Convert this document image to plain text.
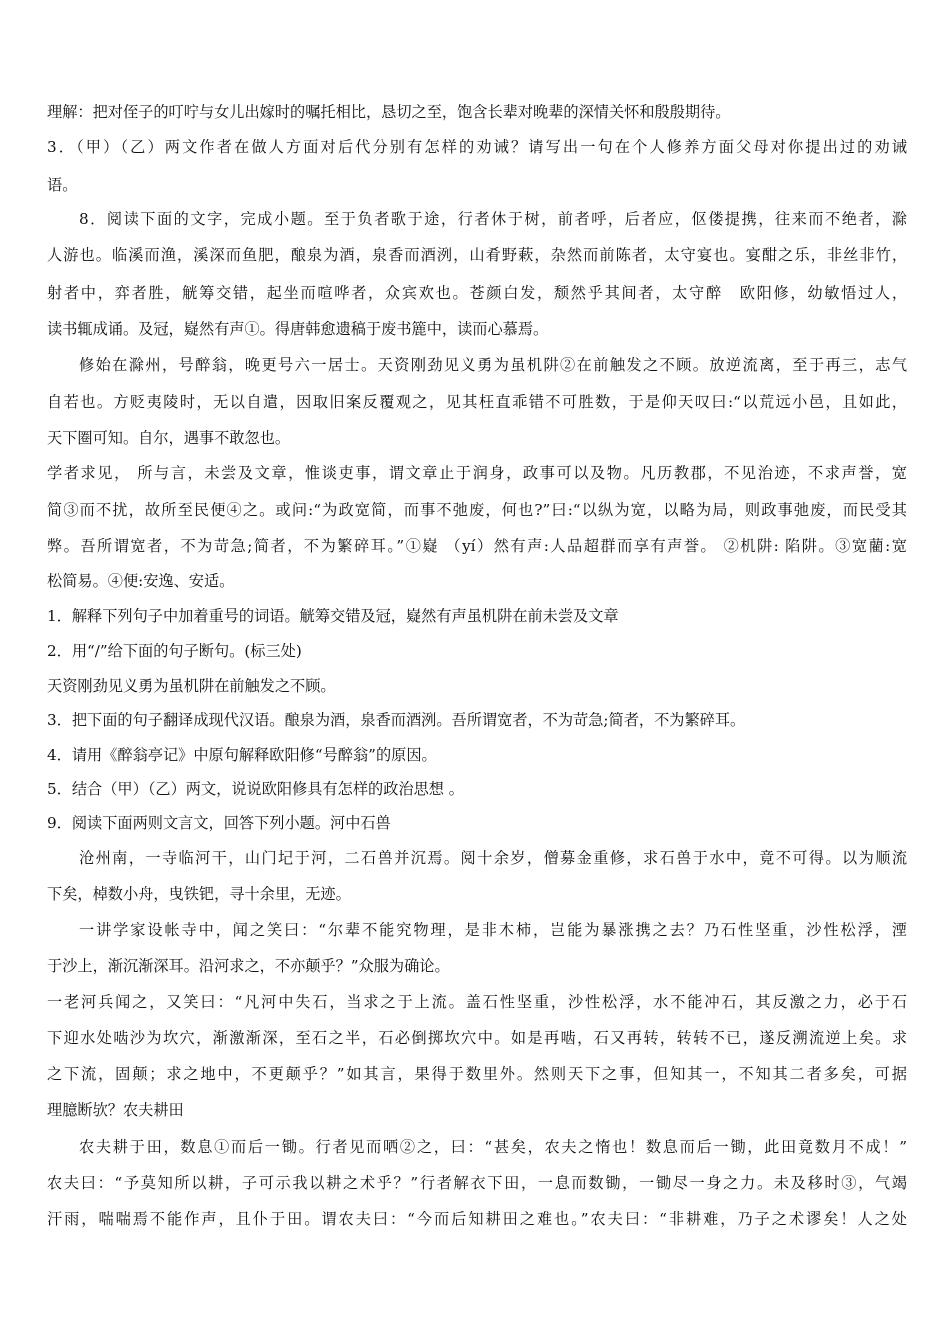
理解：把对侄子的叮咛与女儿出嫁时的嘱托相比，恳切之至，饱含长辈对晚辈的深情关怀和殷殷期待。
3．（甲）（乙）两文作者在做人方面对后代分别有怎样的劝诫？请写出一句在个人修养方面父母对你提出过的劝诫
语。
8．阅读下面的文字，完成小题。至于负者歌于途，行者休于树，前者呼，后者应，伛偻提携，往来而不绝者，滁
人游也。临溪而渔，溪深而鱼肥，酿泉为酒，泉香而酒洌，山肴野蔌，杂然而前陈者，太守宴也。宴酣之乐，非丝非竹，
射者中，弈者胜，觥筹交错，起坐而喧哗者，众宾欢也。苍颜白发，颓然乎其间者，太守醉　欧阳修，幼敏悟过人，
读书辄成诵。及冠，嶷然有声①。得唐韩愈遗稿于废书簏中，读而心慕焉。
修始在滁州，号醉翁，晚更号六一居士。天资刚劲见义勇为虽机阱②在前触发之不顾。放逆流离，至于再三，志气
自若也。方贬夷陵时，无以自遣，因取旧案反覆观之，见其枉直乖错不可胜数，于是仰天叹曰:“以荒远小邑，且如此，
天下圈可知。自尔，遇事不敢忽也。
学者求见， 所与言，未尝及文章，惟谈吏事，谓文章止于润身，政事可以及物。凡历教郡，不见治迹，不求声誉，宽
简③而不扰，故所至民便④之。或问:“为政宽简，而事不弛废，何也?”曰:“以纵为宽，以略为局，则政事弛废，而民受其
弊。吾所谓宽者，不为苛急;简者，不为繁碎耳。”①嶷 （yí）然有声:人品超群而享有声誉。 ②机阱: 陷阱。③宽藺:宽
松简易。④便:安逸、安适。
1．解释下列句子中加着重号的词语。觥筹交错及冠，嶷然有声虽机阱在前未尝及文章
2．用“/”给下面的句子断句。(标三处)
天资刚劲见义勇为虽机阱在前触发之不顾。
3．把下面的句子翻译成现代汉语。酿泉为酒，泉香而酒洌。吾所谓宽者，不为苛急;简者，不为繁碎耳。
4．请用《醉翁亭记》中原句解释欧阳修“号醉翁”的原因。
5．结合（甲）（乙）两文，说说欧阳修具有怎样的政治思想 。
9．阅读下面两则文言文，回答下列小题。河中石兽
沧州南，一寺临河干，山门圮于河，二石兽并沉焉。阅十余岁，僧募金重修，求石兽于水中，竟不可得。以为顺流
下矣，棹数小舟，曳铁钯，寻十余里，无迹。
一讲学家设帐寺中，闻之笑曰：“尔辈不能究物理，是非木柿，岂能为暴涨携之去？乃石性坚重，沙性松浮，湮
于沙上，渐沉渐深耳。沿河求之，不亦颠乎？”众服为确论。
一老河兵闻之，又笑曰：“凡河中失石，当求之于上流。盖石性坚重，沙性松浮，水不能冲石，其反激之力，必于石
下迎水处啮沙为坎穴，渐激渐深，至石之半，石必倒掷坎穴中。如是再啮，石又再转，转转不已，遂反溯流逆上矣。求
之下流，固颠；求之地中，不更颠乎？”如其言，果得于数里外。然则天下之事，但知其一，不知其二者多矣，可据
理臆断欤？农夫耕田
农夫耕于田，数息①而后一锄。行者见而哂②之，曰：“甚矣，农夫之惰也！数息而后一锄，此田竟数月不成！”
农夫曰：“予莫知所以耕，子可示我以耕之术乎？”行者解衣下田，一息而数锄，一锄尽一身之力。未及移时③，气竭
汗雨，喘喘焉不能作声，且仆于田。谓农夫曰：“今而后知耕田之难也。”农夫曰：“非耕难，乃子之术谬矣！人之处
